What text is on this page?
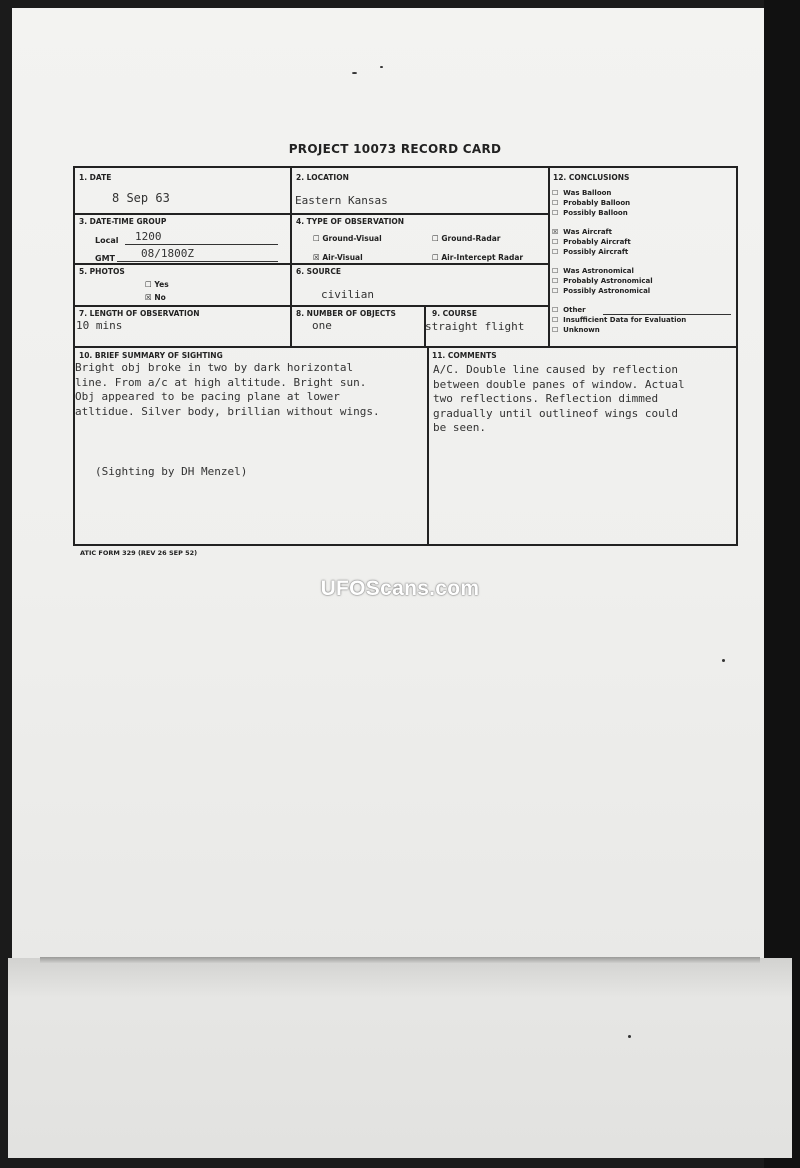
PROJECT 10073 RECORD CARD
1. DATE
8 Sep 63
2. LOCATION
Eastern Kansas
3. DATE-TIME GROUP
Local 1200
GMT 08/1800Z
4. TYPE OF OBSERVATION
☐ Ground-Visual	☐ Ground-Radar
☒ Air-Visual	☐ Air-Intercept Radar
5. PHOTOS
☐ Yes
☒ No
6. SOURCE
civilian
7. LENGTH OF OBSERVATION
10 mins
8. NUMBER OF OBJECTS
one
9. COURSE
straight flight
12. CONCLUSIONS
☐ Was Balloon
☐ Probably Balloon
☐ Possibly Balloon
☒ Was Aircraft
☐ Probably Aircraft
☐ Possibly Aircraft
☐ Was Astronomical
☐ Probably Astronomical
☐ Possibly Astronomical
☐ Other
☐ Insufficient Data for Evaluation
☐ Unknown
10. BRIEF SUMMARY OF SIGHTING
Bright obj broke in two by dark horizontal
line. From a/c at high altitude. Bright sun.
Obj appeared to be pacing plane at lower
atltidue. Silver body, brillian without wings.
(Sighting by DH Menzel)
11. COMMENTS
A/C. Double line caused by reflection
between double panes of window. Actual
two reflections. Reflection dimmed
gradually until outlineof wings could
be seen.
ATIC FORM 329 (REV 26 SEP 52)
UFOScans.com
